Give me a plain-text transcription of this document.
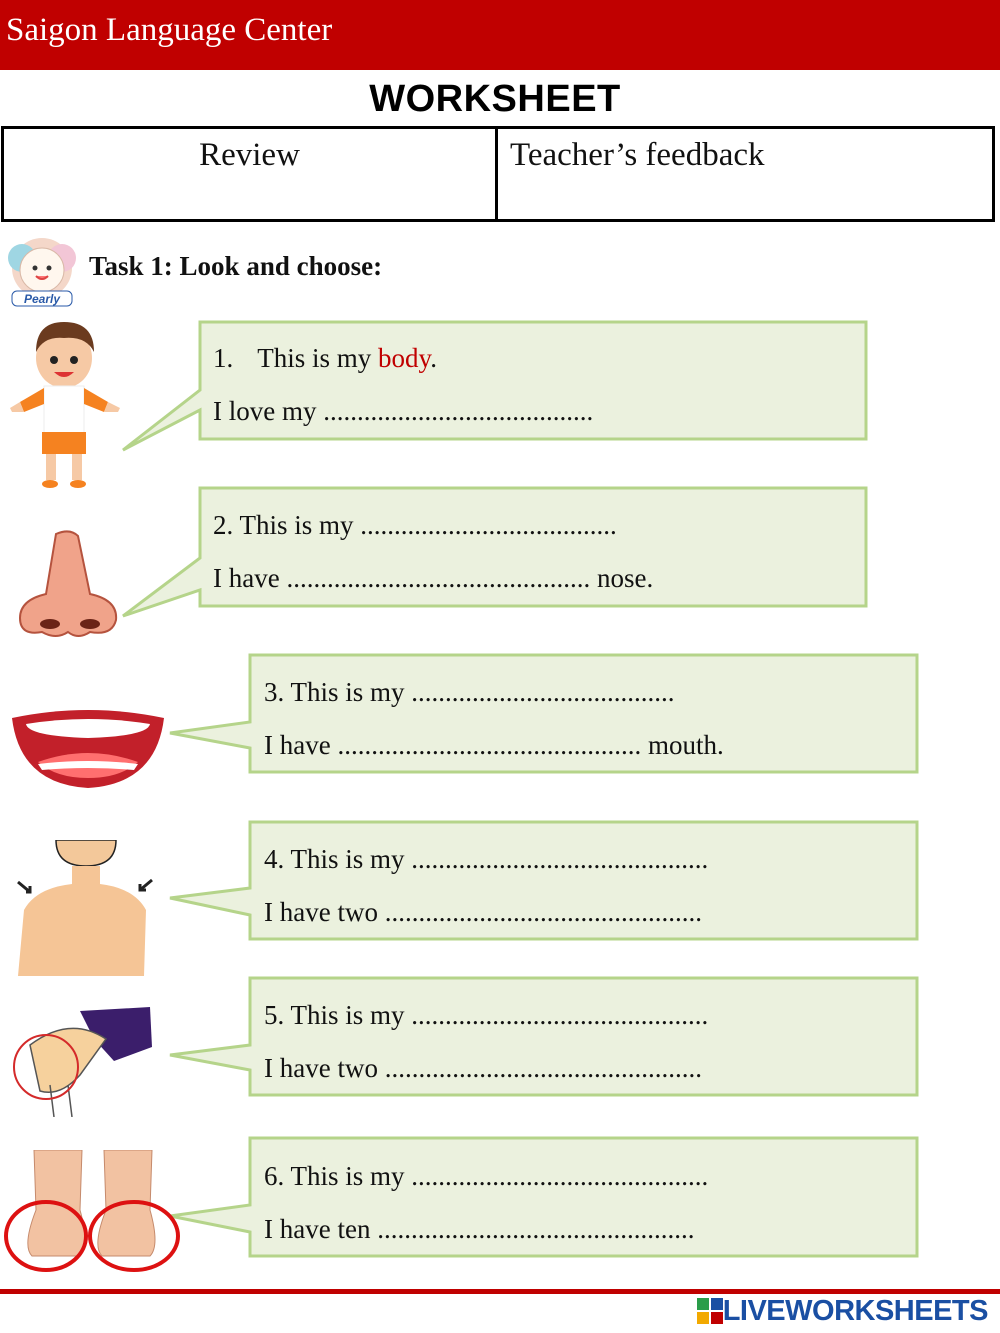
Saigon Language Center
WORKSHEET
Review	Teacher’s feedback
Pearly
Task 1: Look and choose:
1. This is my body.
I love my ........................................
2. This is my ......................................
I have ............................................. nose.
3. This is my .......................................
I have ............................................. mouth.
4. This is my ............................................
I have two ...............................................
5. This is my ............................................
I have two ...............................................
6. This is my ............................................
I have ten ...............................................
LIVEWORKSHEETS
